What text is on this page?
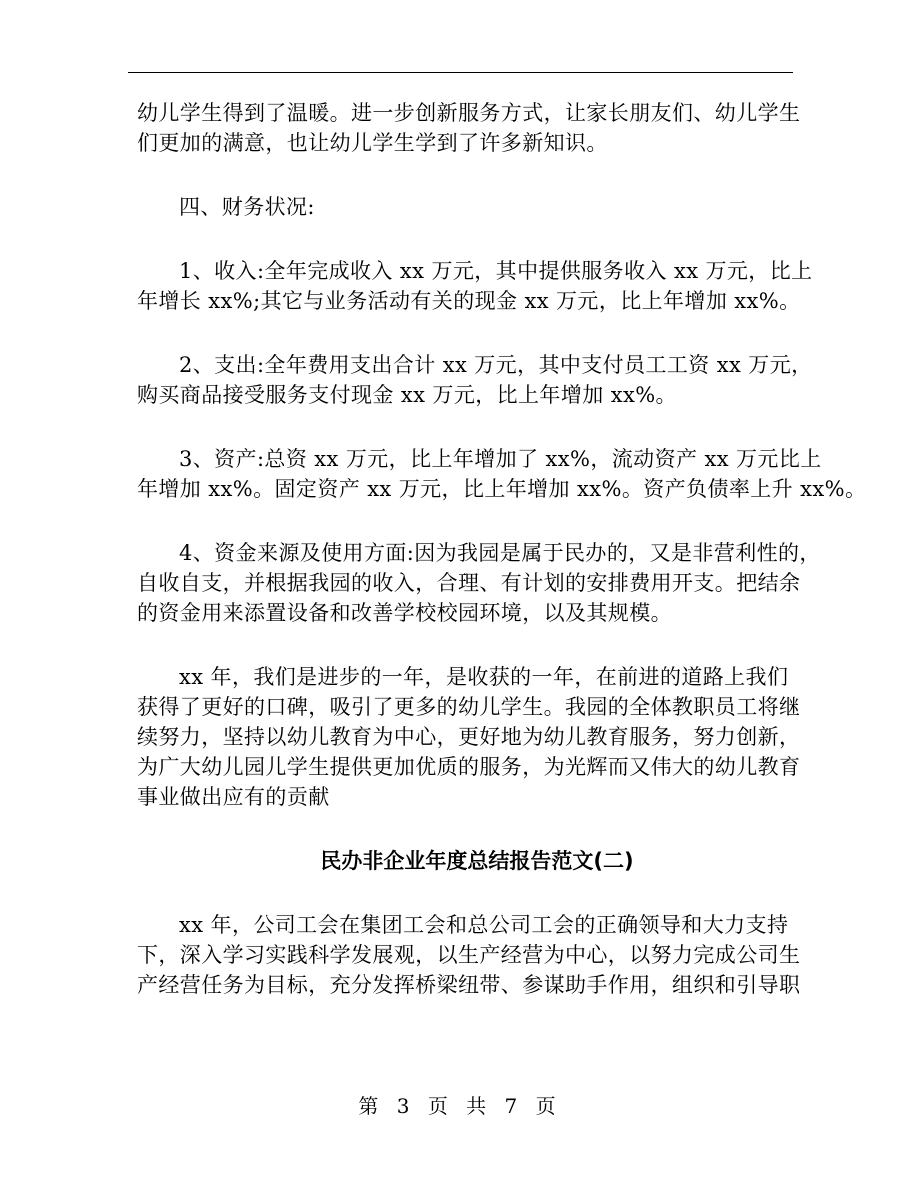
幼儿学生得到了温暖。进一步创新服务方式，让家长朋友们、幼儿学生
们更加的满意，也让幼儿学生学到了许多新知识。
四、财务状况:
1、收入:全年完成收入 xx 万元，其中提供服务收入 xx 万元，比上
年增长 xx%;其它与业务活动有关的现金 xx 万元，比上年增加 xx%。
2、支出:全年费用支出合计 xx 万元，其中支付员工工资 xx 万元，
购买商品接受服务支付现金 xx 万元，比上年增加 xx%。
3、资产:总资 xx 万元，比上年增加了 xx%，流动资产 xx 万元比上
年增加 xx%。固定资产 xx 万元，比上年增加 xx%。资产负债率上升 xx%。
4、资金来源及使用方面:因为我园是属于民办的，又是非营利性的，
自收自支，并根据我园的收入，合理、有计划的安排费用开支。把结余
的资金用来添置设备和改善学校校园环境，以及其规模。
xx 年，我们是进步的一年，是收获的一年，在前进的道路上我们
获得了更好的口碑，吸引了更多的幼儿学生。我园的全体教职员工将继
续努力，坚持以幼儿教育为中心，更好地为幼儿教育服务，努力创新，
为广大幼儿园儿学生提供更加优质的服务，为光辉而又伟大的幼儿教育
事业做出应有的贡献
民办非企业年度总结报告范文(二)
xx 年，公司工会在集团工会和总公司工会的正确领导和大力支持
下，深入学习实践科学发展观，以生产经营为中心，以努力完成公司生
产经营任务为目标，充分发挥桥梁纽带、参谋助手作用，组织和引导职
第 3 页 共 7 页
